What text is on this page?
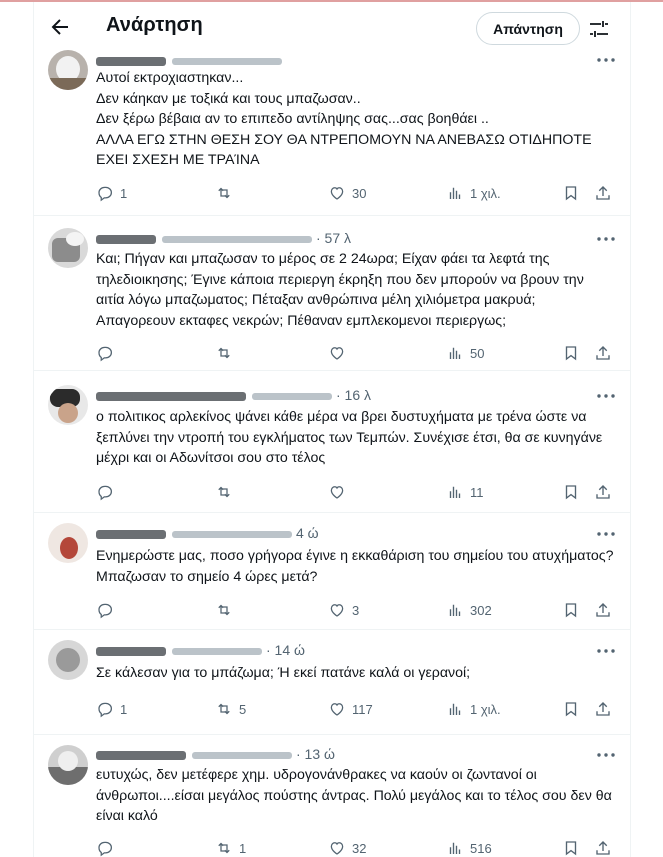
Ανάρτηση	Απάντηση
Αυτοί εκτροχιαστηκαν...
Δεν κάηκαν με τοξικά και τους μπαζωσαν..
Δεν ξέρω βέβαια αν το επιπεδο αντίληψης σας...σας βοηθάει ..
ΑΛΛΑ ΕΓΩ ΣΤΗΝ ΘΕΣΗ ΣΟΥ ΘΑ ΝΤΡΕΠΟΜΟΥΝ ΝΑ ΑΝΕΒΑΣΩ ΟΤΙΔΗΠΟΤΕ ΕΧΕΙ ΣΧΕΣΗ ΜΕ ΤΡΑΊΝΑ
1	30	1 χιλ.
· 57 λ
Και; Πήγαν και μπαζωσαν το μέρος σε 2 24ωρα; Είχαν φάει τα λεφτά της τηλεδιοικησης; Έγινε κάποια περιεργη έκρηξη που δεν μπορούν να βρουν την αιτία λόγω μπαζωματος; Πέταξαν ανθρώπινα μέλη χιλιόμετρα μακρυά; Απαγορεουν εκταφες νεκρών; Πέθαναν εμπλεκομενοι περιεργως;
50
· 16 λ
ο πολιτικος αρλεκίνος ψάνει κάθε μέρα να βρει δυστυχήματα με τρένα ώστε να ξεπλύνει την ντροπή του εγκλήματος των Τεμπών. Συνέχισε έτσι, θα σε κυνηγάνε μέχρι και οι Αδωνίτσοι σου στο τέλος
11
4 ώ
Ενημερώστε μας, ποσο γρήγορα έγινε η εκκαθάριση του σημείου του ατυχήματος? Μπαζωσαν το σημείο 4 ώρες μετά?
3	302
· 14 ώ
Σε κάλεσαν για το μπάζωμα; Ή εκεί πατάνε καλά οι γερανοί;
1	5	117	1 χιλ.
· 13 ώ
ευτυχώς, δεν μετέφερε χημ. υδρογονάνθρακες να καούν οι ζωντανοί οι άνθρωποι....είσαι μεγάλος πούστης άντρας. Πολύ μεγάλος και το τέλος σου δεν θα είναι καλό
1	32	516
